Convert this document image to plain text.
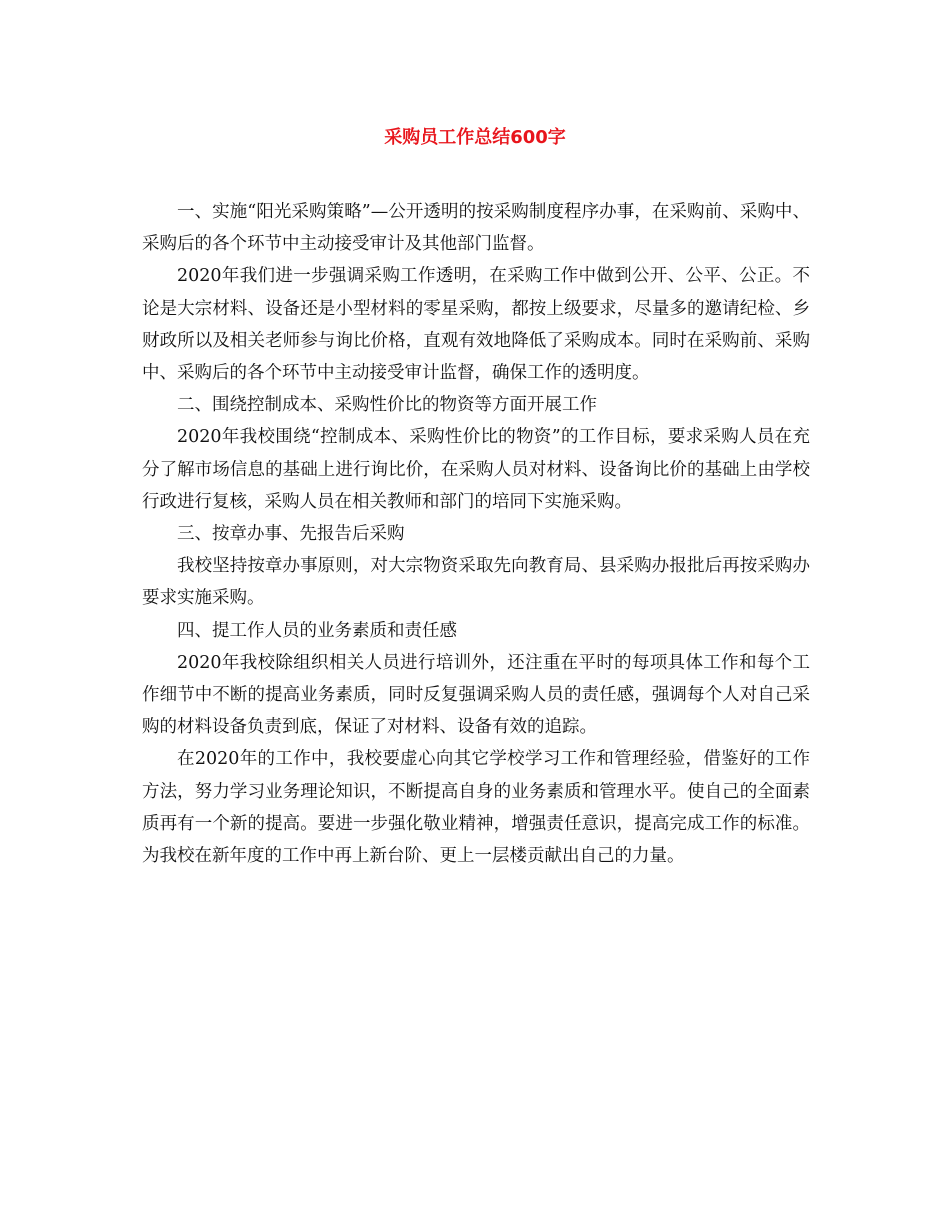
采购员工作总结600字

一、实施“阳光采购策略”—公开透明的按采购制度程序办事，在采购前、采购中、采购后的各个环节中主动接受审计及其他部门监督。

2020年我们进一步强调采购工作透明，在采购工作中做到公开、公平、公正。不论是大宗材料、设备还是小型材料的零星采购，都按上级要求，尽量多的邀请纪检、乡财政所以及相关老师参与询比价格，直观有效地降低了采购成本。同时在采购前、采购中、采购后的各个环节中主动接受审计监督，确保工作的透明度。

二、围绕控制成本、采购性价比的物资等方面开展工作

2020年我校围绕“控制成本、采购性价比的物资”的工作目标，要求采购人员在充分了解市场信息的基础上进行询比价，在采购人员对材料、设备询比价的基础上由学校行政进行复核，采购人员在相关教师和部门的培同下实施采购。

三、按章办事、先报告后采购

我校坚持按章办事原则，对大宗物资采取先向教育局、县采购办报批后再按采购办要求实施采购。

四、提工作人员的业务素质和责任感

2020年我校除组织相关人员进行培训外，还注重在平时的每项具体工作和每个工作细节中不断的提高业务素质，同时反复强调采购人员的责任感，强调每个人对自己采购的材料设备负责到底，保证了对材料、设备有效的追踪。

在2020年的工作中，我校要虚心向其它学校学习工作和管理经验，借鉴好的工作方法，努力学习业务理论知识，不断提高自身的业务素质和管理水平。使自己的全面素质再有一个新的提高。要进一步强化敬业精神，增强责任意识，提高完成工作的标准。为我校在新年度的工作中再上新台阶、更上一层楼贡献出自己的力量。
